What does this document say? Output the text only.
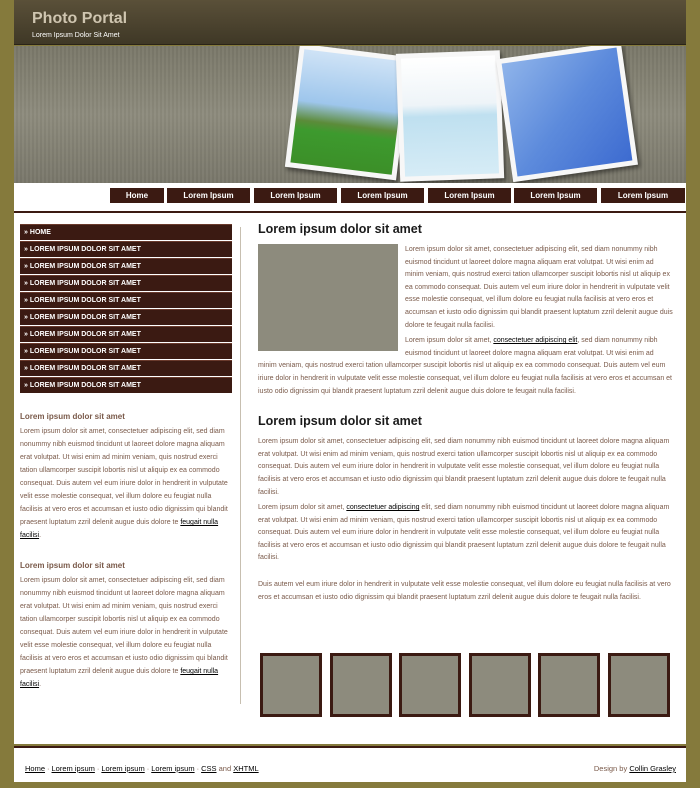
Photo Portal
Lorem Ipsum Dolor Sit Amet
Home	Lorem Ipsum	Lorem Ipsum	Lorem Ipsum	Lorem Ipsum	Lorem Ipsum	Lorem Ipsum
» HOME
» LOREM IPSUM DOLOR SIT AMET
» LOREM IPSUM DOLOR SIT AMET
» LOREM IPSUM DOLOR SIT AMET
» LOREM IPSUM DOLOR SIT AMET
» LOREM IPSUM DOLOR SIT AMET
» LOREM IPSUM DOLOR SIT AMET
» LOREM IPSUM DOLOR SIT AMET
» LOREM IPSUM DOLOR SIT AMET
» LOREM IPSUM DOLOR SIT AMET
Lorem ipsum dolor sit amet

Lorem ipsum dolor sit amet, consectetuer adipiscing elit, sed diam nonummy nibh euismod tincidunt ut laoreet dolore magna aliquam erat volutpat. Ut wisi enim ad minim veniam, quis nostrud exerci tation ullamcorper suscipit lobortis nisl ut aliquip ex ea commodo consequat. Duis autem vel eum iriure dolor in hendrerit in vulputate velit esse molestie consequat, vel illum dolore eu feugiat nulla facilisis at vero eros et accumsan et iusto odio dignissim qui blandit praesent luptatum zzril delenit augue duis dolore te feugait nulla facilisi.

Lorem ipsum dolor sit amet

Lorem ipsum dolor sit amet, consectetuer adipiscing elit, sed diam nonummy nibh euismod tincidunt ut laoreet dolore magna aliquam erat volutpat. Ut wisi enim ad minim veniam, quis nostrud exerci tation ullamcorper suscipit lobortis nisl ut aliquip ex ea commodo consequat. Duis autem vel eum iriure dolor in hendrerit in vulputate velit esse molestie consequat, vel illum dolore eu feugiat nulla facilisis at vero eros et accumsan et iusto odio dignissim qui blandit praesent luptatum zzril delenit augue duis dolore te feugait nulla facilisi.

Lorem ipsum dolor sit amet

Lorem ipsum dolor sit amet, consectetuer adipiscing elit, sed diam nonummy nibh euismod tincidunt ut laoreet dolore magna aliquam erat volutpat. Ut wisi enim ad minim veniam, quis nostrud exerci tation ullamcorper suscipit lobortis nisl ut aliquip ex ea commodo consequat. Duis autem vel eum iriure dolor in hendrerit in vulputate velit esse molestie consequat, vel illum dolore eu feugiat nulla facilisis at vero eros et accumsan et iusto odio dignissim qui blandit praesent luptatum zzril delenit augue duis dolore te feugait nulla facilisi.

Lorem ipsum dolor sit amet, consectetuer adipiscing elit, sed diam nonummy nibh euismod tincidunt ut laoreet dolore magna aliquam erat volutpat. Ut wisi enim ad minim veniam, quis nostrud exerci tation ullamcorper suscipit lobortis nisl ut aliquip ex ea commodo consequat. Duis autem vel eum iriure dolor in hendrerit in vulputate velit esse molestie consequat, vel illum dolore eu feugiat nulla facilisis at vero eros et accumsan et iusto odio dignissim qui blandit praesent luptatum zzril delenit augue duis dolore te feugait nulla facilisi.

Lorem ipsum dolor sit amet

Lorem ipsum dolor sit amet, consectetuer adipiscing elit, sed diam nonummy nibh euismod tincidunt ut laoreet dolore magna aliquam erat volutpat. Ut wisi enim ad minim veniam, quis nostrud exerci tation ullamcorper suscipit lobortis nisl ut aliquip ex ea commodo consequat. Duis autem vel eum iriure dolor in hendrerit in vulputate velit esse molestie consequat, vel illum dolore eu feugiat nulla facilisis at vero eros et accumsan et iusto odio dignissim qui blandit praesent luptatum zzril delenit augue duis dolore te feugait nulla facilisi.

Lorem ipsum dolor sit amet, consectetuer adipiscing elit, sed diam nonummy nibh euismod tincidunt ut laoreet dolore magna aliquam erat volutpat. Ut wisi enim ad minim veniam, quis nostrud exerci tation ullamcorper suscipit lobortis nisl ut aliquip ex ea commodo consequat. Duis autem vel eum iriure dolor in hendrerit in vulputate velit esse molestie consequat, vel illum dolore eu feugiat nulla facilisis at vero eros et accumsan et iusto odio dignissim qui blandit praesent luptatum zzril delenit augue duis dolore te feugait nulla facilisi.

Duis autem vel eum iriure dolor in hendrerit in vulputate velit esse molestie consequat, vel illum dolore eu feugiat nulla facilisis at vero eros et accumsan et iusto odio dignissim qui blandit praesent luptatum zzril delenit augue duis dolore te feugait nulla facilisi.

Home · Lorem ipsum · Lorem ipsum · Lorem ipsum · CSS and XHTML	Design by Collin Grasley
